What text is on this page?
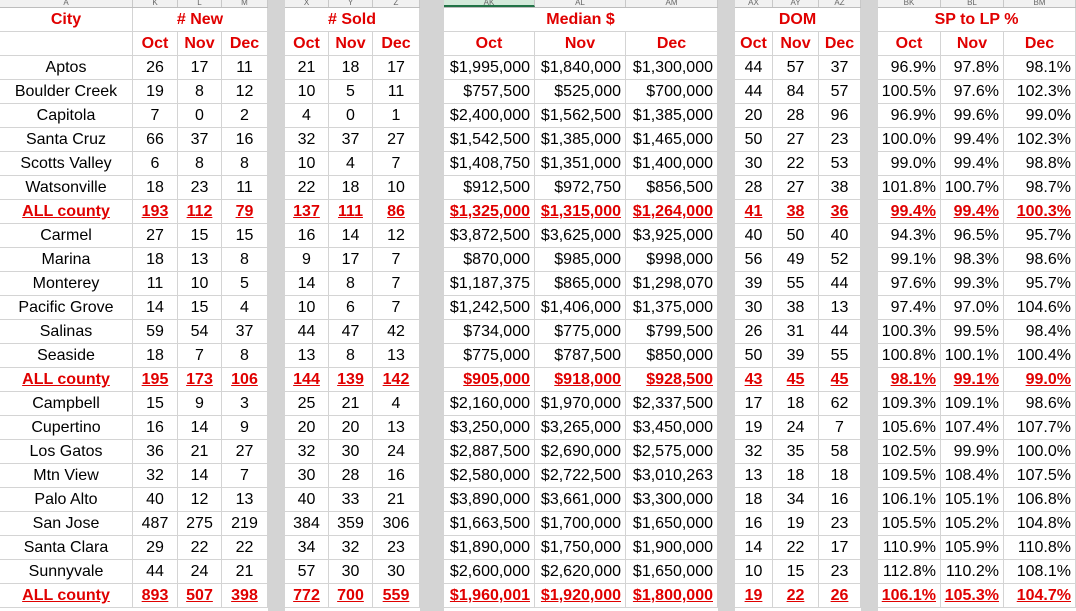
A	K	L	M	X	Y	Z	AK	AL	AM	AX	AY	AZ	BK	BL	BM
City	# New	# Sold	Median $	DOM	SP to LP %
Oct	Nov Dec	Oct Nov Dec	Oct	Nov	Dec	Oct Nov Dec	Oct	Nov	Dec
Aptos	26	17	11	21	18	17	$1,995,000 $1,840,000 $1,300,000	44	57	37	96.9%	97.8%	98.1%
Boulder Creek	19	8	12	10	5	11	$757,500	$525,000	$700,000	44	84	57	100.5%	97.6%	102.3%
Capitola	7	0	2	4	0	1	$2,400,000 $1,562,500 $1,385,000	20	28	96	96.9%	99.6%	99.0%
Santa Cruz	66	37	16	32	37	27	$1,542,500 $1,385,000 $1,465,000	50	27	23	100.0%	99.4%	102.3%
Scotts Valley	6	8	8	10	4	7	$1,408,750 $1,351,000 $1,400,000	30	22	53	99.0%	99.4%	98.8%
Watsonville	18	23	11	22	18	10	$912,500	$972,750	$856,500	28	27	38	101.8% 100.7%	98.7%
ALL county	193	112	79	137	111	86	$1,325,000 $1,315,000 $1,264,000	41	38	36	99.4%	99.4%	100.3%
Carmel	27	15	15	16	14	12	$3,872,500 $3,625,000 $3,925,000	40	50	40	94.3%	96.5%	95.7%
Marina	18	13	8	9	17	7	$870,000	$985,000	$998,000	56	49	52	99.1%	98.3%	98.6%
Monterey	11	10	5	14	8	7	$1,187,375	$865,000 $1,298,070	39	55	44	97.6%	99.3%	95.7%
Pacific Grove	14	15	4	10	6	7	$1,242,500 $1,406,000 $1,375,000	30	38	13	97.4%	97.0%	104.6%
Salinas	59	54	37	44	47	42	$734,000	$775,000	$799,500	26	31	44	100.3%	99.5%	98.4%
Seaside	18	7	8	13	8	13	$775,000	$787,500	$850,000	50	39	55	100.8% 100.1%	100.4%
ALL county	195	173	106	144	139	142	$905,000	$918,000	$928,500	43	45	45	98.1%	99.1%	99.0%
Campbell	15	9	3	25	21	4	$2,160,000 $1,970,000 $2,337,500	17	18	62	109.3% 109.1%	98.6%
Cupertino	16	14	9	20	20	13	$3,250,000 $3,265,000 $3,450,000	19	24	7	105.6% 107.4%	107.7%
Los Gatos	36	21	27	32	30	24	$2,887,500 $2,690,000 $2,575,000	32	35	58	102.5%	99.9%	100.0%
Mtn View	32	14	7	30	28	16	$2,580,000 $2,722,500 $3,010,263	13	18	18	109.5% 108.4%	107.5%
Palo Alto	40	12	13	40	33	21	$3,890,000 $3,661,000 $3,300,000	18	34	16	106.1% 105.1%	106.8%
San Jose	487	275	219	384	359	306	$1,663,500 $1,700,000 $1,650,000	16	19	23	105.5% 105.2%	104.8%
Santa Clara	29	22	22	34	32	23	$1,890,000 $1,750,000 $1,900,000	14	22	17	110.9% 105.9%	110.8%
Sunnyvale	44	24	21	57	30	30	$2,600,000 $2,620,000 $1,650,000	10	15	23	112.8% 110.2%	108.1%
ALL county	893	507	398	772	700	559	$1,960,001 $1,920,000 $1,800,000	19	22	26	106.1% 105.3%	104.7%
